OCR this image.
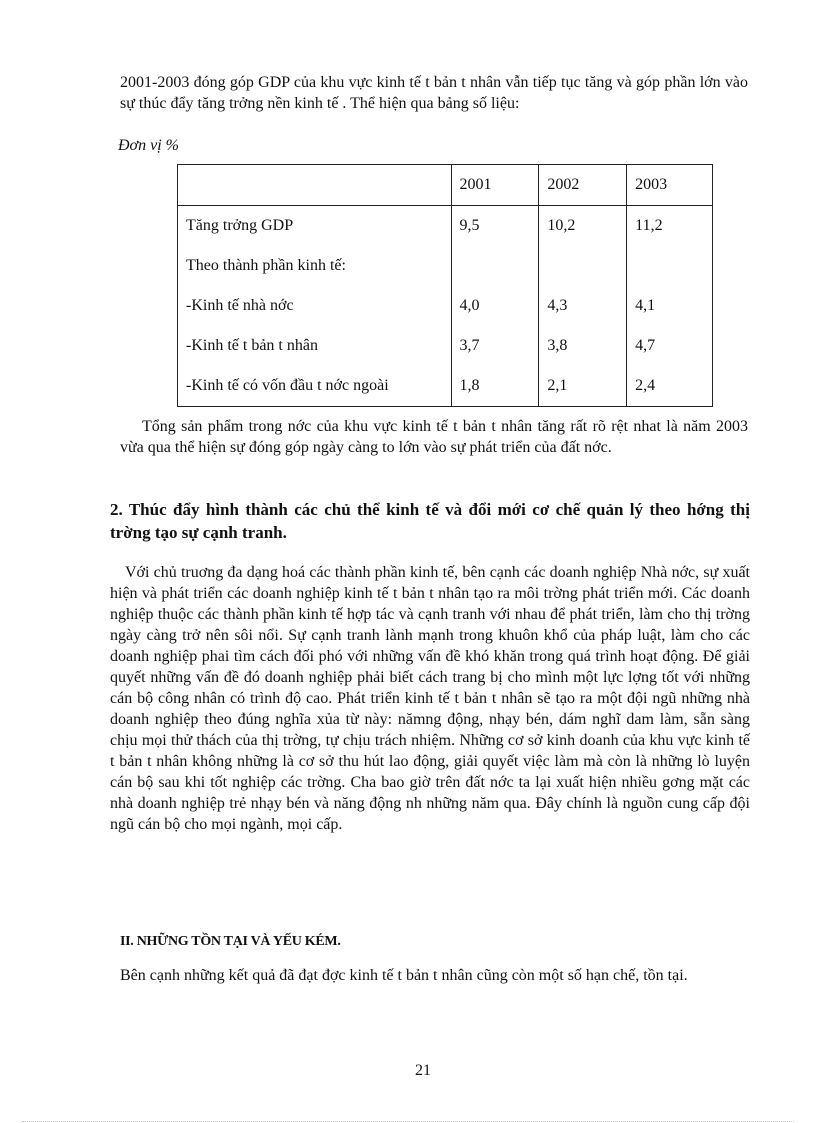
2001-2003 đóng góp GDP của khu vực kinh tế t bản t nhân vẫn tiếp tục tăng và góp phần lớn vào sự thúc đẩy tăng trởng nền kinh tế . Thể hiện qua bảng số liệu:
Đơn vị %
	2001	2002	2003
Tăng trởng GDP	9,5	10,2	11,2
Theo thành phần kinh tế:			
-Kinh tế nhà nớc	4,0	4,3	4,1
-Kinh tế t bản t nhân	3,7	3,8	4,7
-Kinh tế có vốn đầu t nớc ngoài	1,8	2,1	2,4
Tổng sản phẩm trong nớc của khu vực kinh tế t bản t nhân tăng rất rõ rệt nhat là năm 2003 vừa qua thể hiện sự đóng góp ngày càng to lớn vào sự phát triển của đất nớc.
2. Thúc đẩy hình thành các chủ thể kinh tế và đổi mới cơ chế quản lý theo hớng thị trờng tạo sự cạnh tranh.
Với chủ truơng đa dạng hoá các thành phần kinh tế, bên cạnh các doanh nghiệp Nhà nớc, sự xuất hiện và phát triển các doanh nghiệp kinh tế t bản t nhân tạo ra môi trờng phát triển mới. Các doanh nghiệp thuộc các thành phần kinh tế hợp tác và cạnh tranh với nhau để phát triển, làm cho thị trờng ngày càng trở nên sôi nổi. Sự cạnh tranh lành mạnh trong khuôn khổ của pháp luật, làm cho các doanh nghiệp phai tìm cách đối phó với những vấn đề khó khăn trong quá trình hoạt động. Để giải quyết những vấn đề đó doanh nghiệp phải biết cách trang bị cho mình một lực lợng tốt với những cán bộ công nhân có trình độ cao. Phát triển kinh tế t bản t nhân sẽ tạo ra một đội ngũ những nhà doanh nghiệp theo đúng nghĩa xủa từ này: nămng động, nhạy bén, dám nghĩ dam làm, sẵn sàng chịu mọi thử thách của thị trờng, tự chịu trách nhiệm. Những cơ sở kinh doanh của khu vực kinh tế t bản t nhân không những là cơ sở thu hút lao động, giải quyết việc làm mà còn là những lò luyện cán bộ sau khi tốt nghiệp các trờng. Cha bao giờ trên đất nớc ta lại xuất hiện nhiều gơng mặt các nhà doanh nghiệp trẻ nhạy bén và năng động nh những năm qua. Đây chính là nguồn cung cấp đội ngũ cán bộ cho mọi ngành, mọi cấp.
II. NHỮNG TỒN TẠI VÀ YẾU KÉM.
Bên cạnh những kết quả đã đạt đợc kinh tế t bản t nhân cũng còn một số hạn chế, tồn tại.
21
